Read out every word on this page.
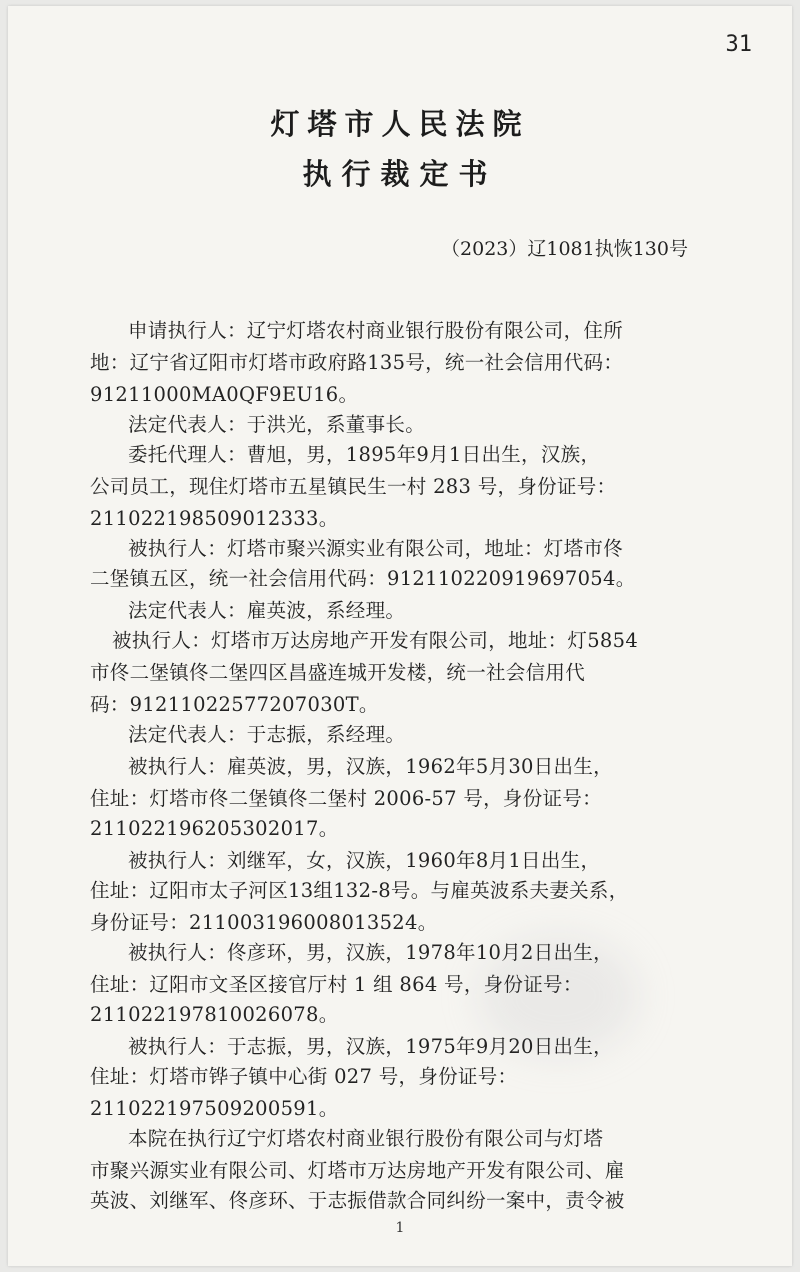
31
灯塔市人民法院
执行裁定书
（2023）辽1081执恢130号
申请执行人：辽宁灯塔农村商业银行股份有限公司，住所
地：辽宁省辽阳市灯塔市政府路135号，统一社会信用代码：
91211000MA0QF9EU16。
法定代表人：于洪光，系董事长。
委托代理人：曹旭，男，1895年9月1日出生，汉族，
公司员工，现住灯塔市五星镇民生一村 283 号，身份证号：
211022198509012333。
被执行人：灯塔市聚兴源实业有限公司，地址：灯塔市佟
二堡镇五区，统一社会信用代码：912110220919697054。
法定代表人：雇英波，系经理。
被执行人：灯塔市万达房地产开发有限公司，地址：灯5854
市佟二堡镇佟二堡四区昌盛连城开发楼，统一社会信用代
码：91211022577207030T。
法定代表人：于志振，系经理。
被执行人：雇英波，男，汉族，1962年5月30日出生，
住址：灯塔市佟二堡镇佟二堡村 2006-57 号，身份证号：
211022196205302017。
被执行人：刘继军，女，汉族，1960年8月1日出生，
住址：辽阳市太子河区13组132-8号。与雇英波系夫妻关系，
身份证号：211003196008013524。
被执行人：佟彦环，男，汉族，1978年10月2日出生，
住址：辽阳市文圣区接官厅村 1 组 864 号，身份证号：
211022197810026078。
被执行人：于志振，男，汉族，1975年9月20日出生，
住址：灯塔市铧子镇中心街 027 号，身份证号：
211022197509200591。
本院在执行辽宁灯塔农村商业银行股份有限公司与灯塔
市聚兴源实业有限公司、灯塔市万达房地产开发有限公司、雇
英波、刘继军、佟彦环、于志振借款合同纠纷一案中，责令被
1
